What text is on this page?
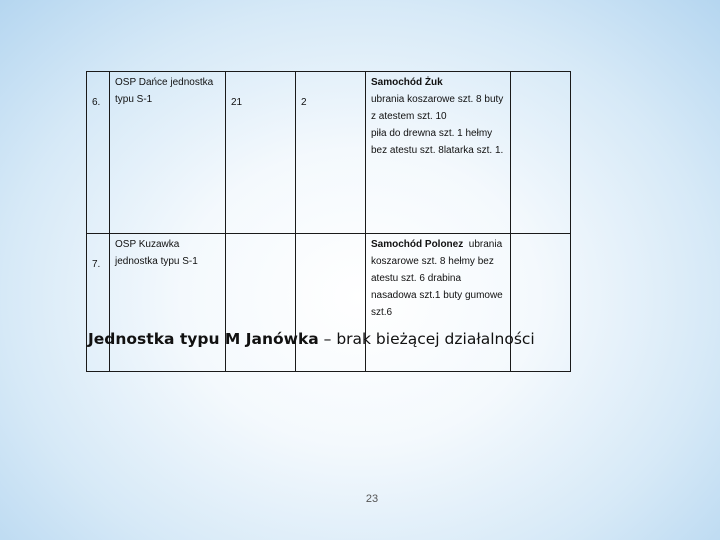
6.	OSP Dańce jednostka typu S-1	21	2	Samochód Żuk
ubrania koszarowe szt. 8 buty
z atestem szt. 10
piła do drewna szt. 1 hełmy
bez atestu szt. 8latarka szt. 1.	

7.	OSP Kuzawka jednostka typu S-1			Samochód Polonez ubrania
koszarowe szt. 8 hełmy bez
atestu szt. 6 drabina
nasadowa szt.1 buty gumowe
szt.6	

Jednostka typu M Janówka – brak bieżącej działalności
23
